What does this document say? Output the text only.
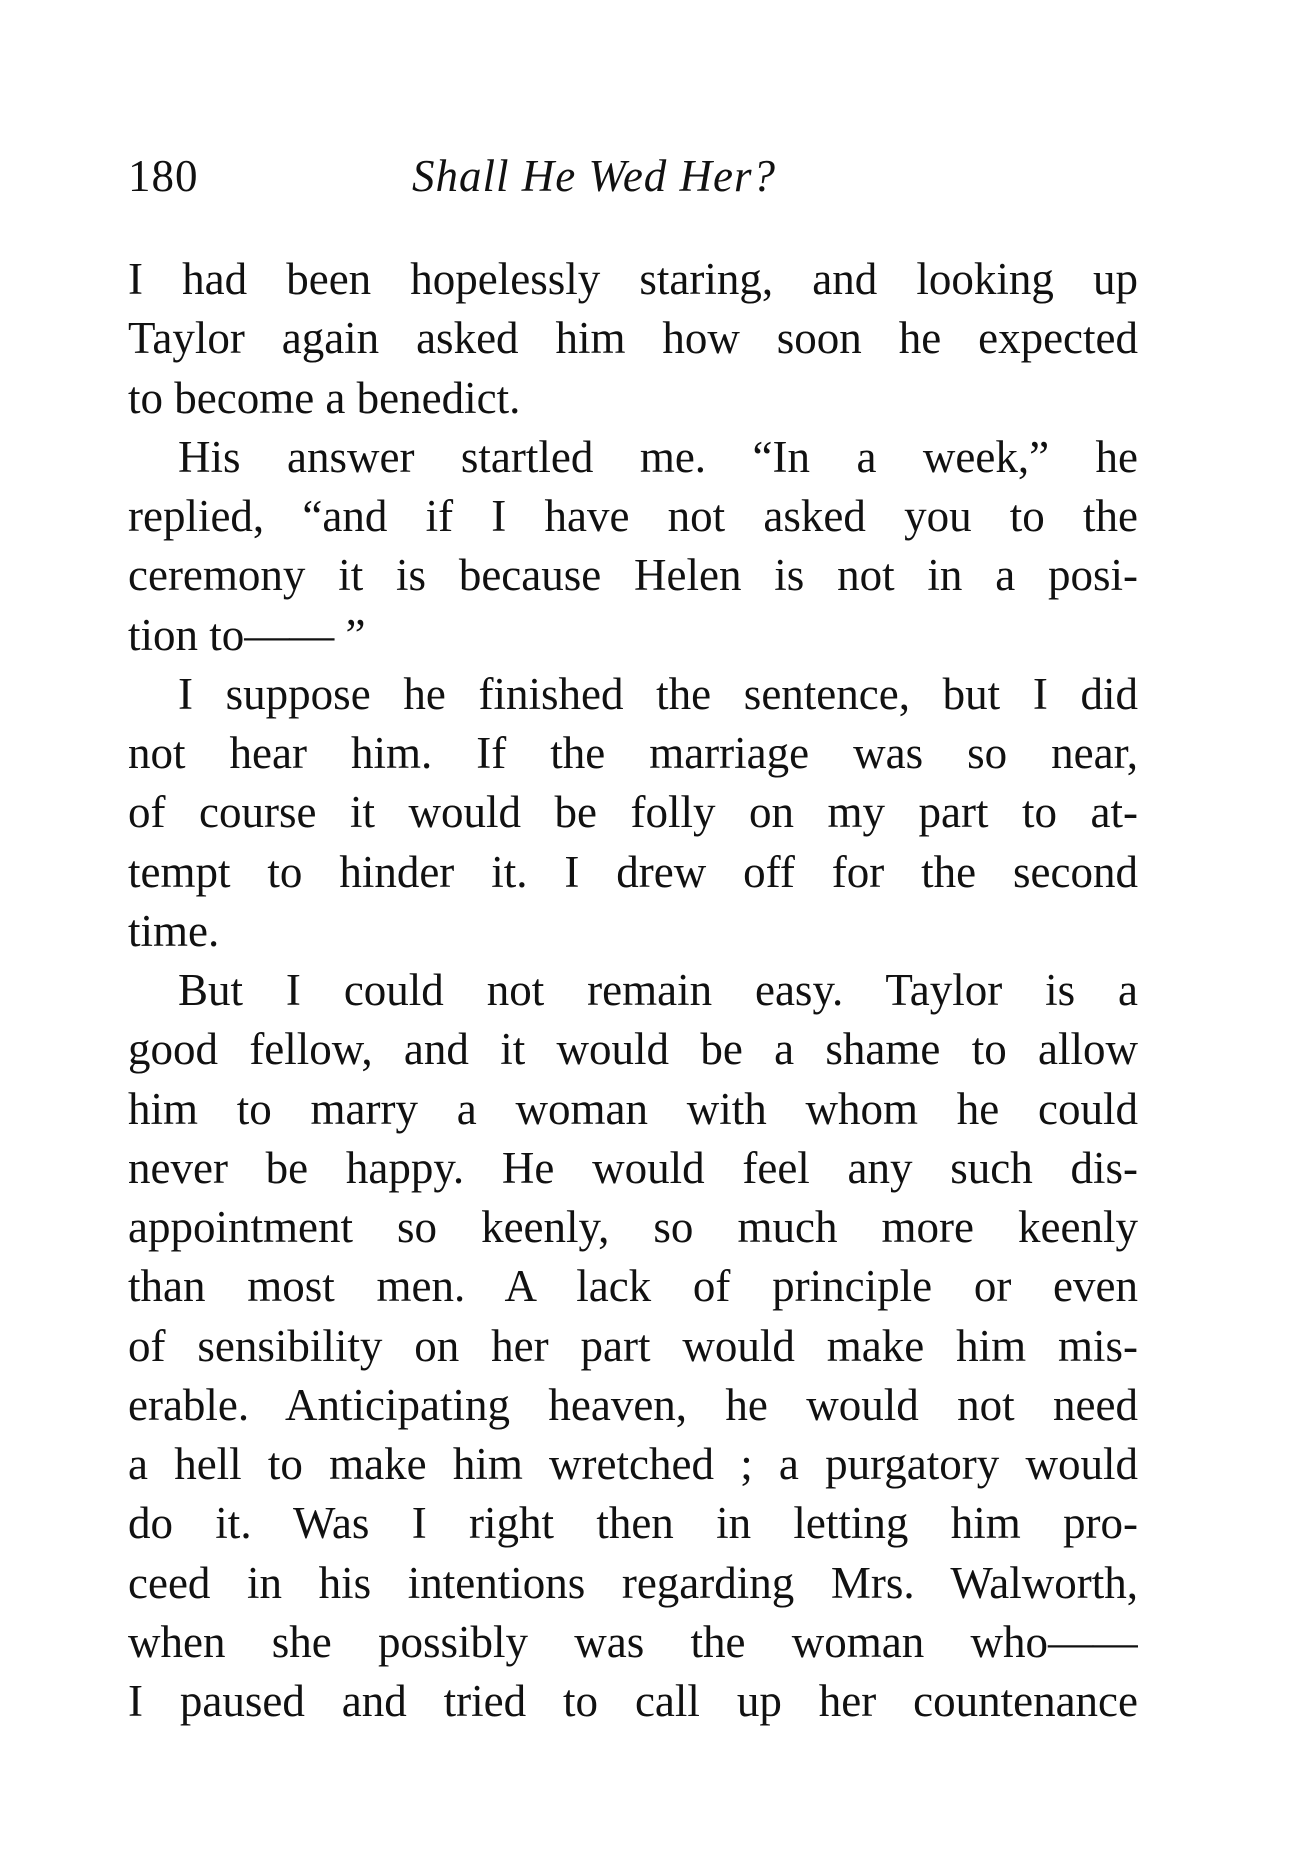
180	Shall He Wed Her?
I had been hopelessly staring, and looking up
Taylor again asked him how soon he expected
to become a benedict.
His answer startled me. “In a week,” he
replied, “and if I have not asked you to the
ceremony it is because Helen is not in a posi-
tion to—— ”
I suppose he finished the sentence, but I did
not hear him. If the marriage was so near,
of course it would be folly on my part to at-
tempt to hinder it. I drew off for the second
time.
But I could not remain easy. Taylor is a
good fellow, and it would be a shame to allow
him to marry a woman with whom he could
never be happy. He would feel any such dis-
appointment so keenly, so much more keenly
than most men. A lack of principle or even
of sensibility on her part would make him mis-
erable. Anticipating heaven, he would not need
a hell to make him wretched ; a purgatory would
do it. Was I right then in letting him pro-
ceed in his intentions regarding Mrs. Walworth,
when she possibly was the woman who——
I paused and tried to call up her countenance
